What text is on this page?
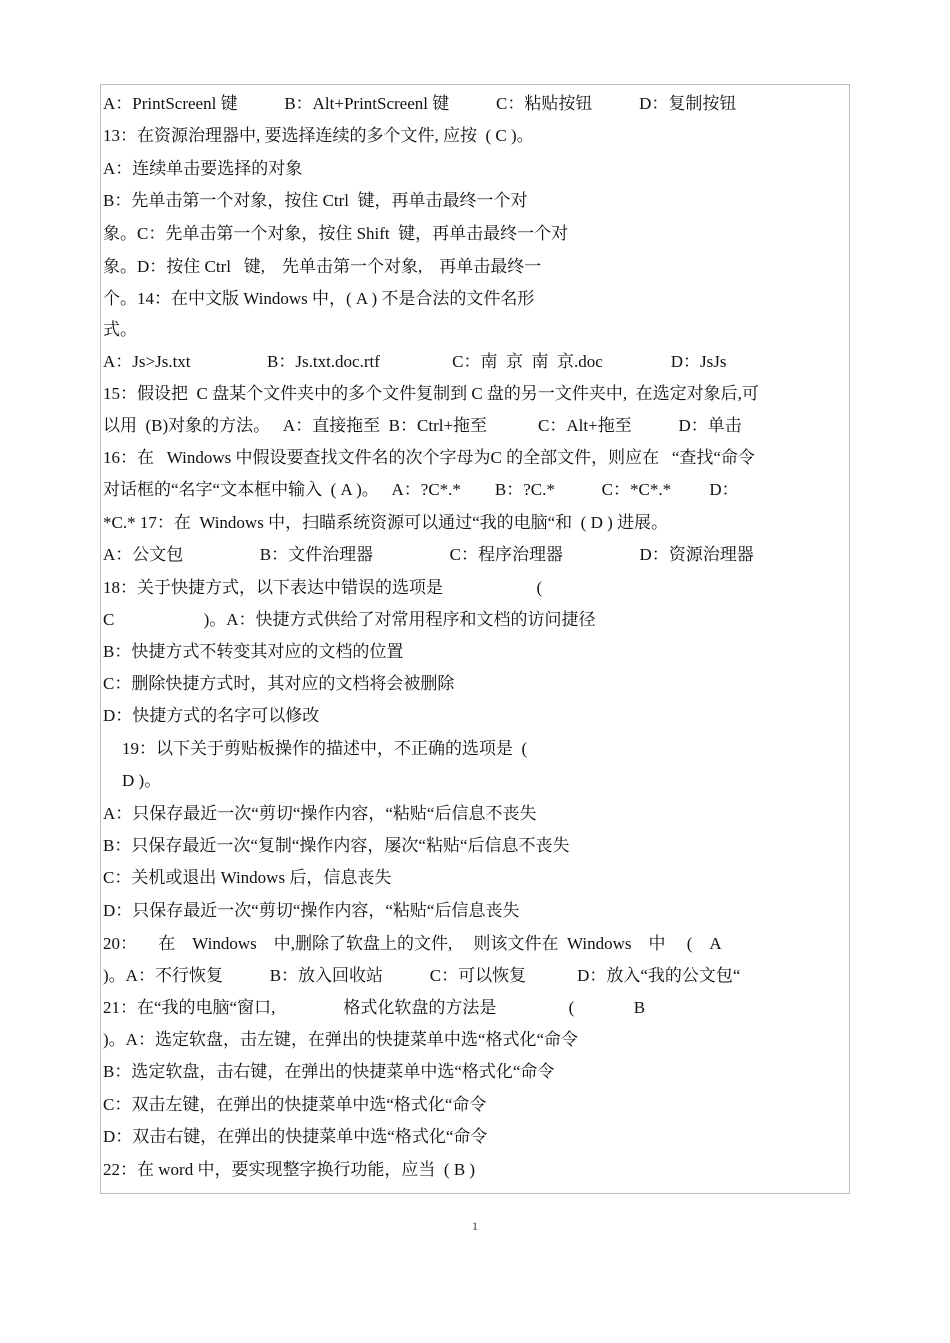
A：PrintScreenl 键           B：Alt+PrintScreenl 键           C：粘贴按钮           D：复制按钮
13：在资源治理器中, 要选择连续的多个文件, 应按  ( C )。
A：连续单击要选择的对象
B：先单击第一个对象，按住 Ctrl  键，再单击最终一个对
象。C：先单击第一个对象，按住 Shift  键，再单击最终一个对
象。D：按住 Ctrl   键,    先单击第一个对象,    再单击最终一
个。14：在中文版 Windows 中，( A ) 不是合法的文件名形
式。
A：Js>Js.txt                  B：Js.txt.doc.rtf                 C：南  京  南  京.doc                D：JsJs
15：假设把  C 盘某个文件夹中的多个文件复制到 C 盘的另一文件夹中,  在选定对象后,可
以用  (B)对象的方法。   A：直接拖至  B：Ctrl+拖至            C：Alt+拖至           D：单击
16：在   Windows 中假设要查找文件名的次个字母为C 的全部文件，则应在   “查找“命令
对话框的“名字“文本框中输入  ( A )。   A：?C*.*        B：?C.*           C：*C*.*         D：
*C.* 17：在  Windows 中，扫瞄系统资源可以通过“我的电脑“和  ( D ) 进展。
A：公文包                  B：文件治理器                  C：程序治理器                  D：资源治理器
18：关于快捷方式，以下表达中错误的选项是                      (
C                     )。A：快捷方式供给了对常用程序和文档的访问捷径
B：快捷方式不转变其对应的文档的位置
C：删除快捷方式时，其对应的文档将会被删除
D：快捷方式的名字可以修改
19：以下关于剪贴板操作的描述中，不正确的选项是  (
D )。
A：只保存最近一次“剪切“操作内容，“粘贴“后信息不丧失
B：只保存最近一次“复制“操作内容，屡次“粘贴“后信息不丧失
C：关机或退出 Windows 后，信息丧失
D：只保存最近一次“剪切“操作内容，“粘贴“后信息丧失
20：     在    Windows    中,删除了软盘上的文件,     则该文件在  Windows    中     (    A
)。A：不行恢复           B：放入回收站           C：可以恢复            D：放入“我的公文包“
21：在“我的电脑“窗口,                格式化软盘的方法是                 (              B
)。A：选定软盘，击左键，在弹出的快捷菜单中选“格式化“命令
B：选定软盘，击右键，在弹出的快捷菜单中选“格式化“命令
C：双击左键，在弹出的快捷菜单中选“格式化“命令
D：双击右键，在弹出的快捷菜单中选“格式化“命令
22：在 word 中，要实现整字换行功能，应当  ( B )
1
